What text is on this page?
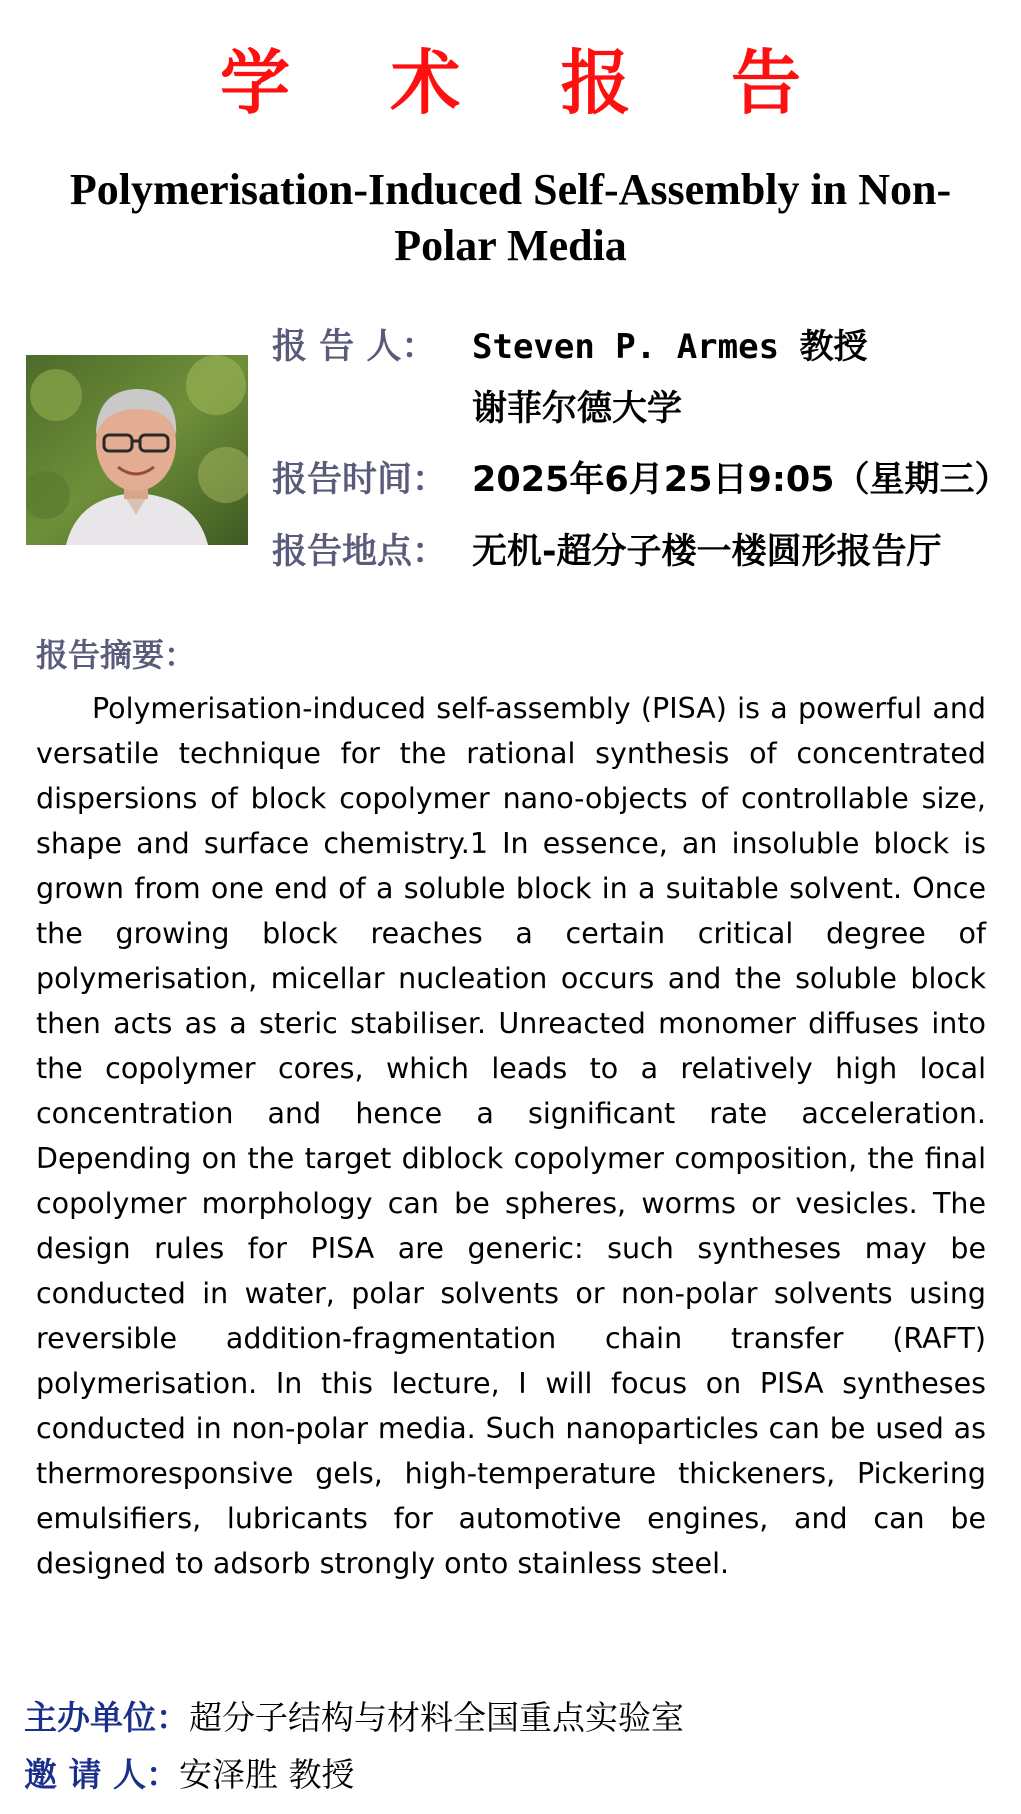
学 术 报 告
Polymerisation-Induced Self-Assembly in Non-Polar Media
报 告 人： Steven P. Armes 教授
谢菲尔德大学
报告时间： 2025年6月25日9:05（星期三）
报告地点： 无机-超分子楼一楼圆形报告厅
报告摘要：

Polymerisation-induced self-assembly (PISA) is a powerful and versatile technique for the rational synthesis of concentrated dispersions of block copolymer nano-objects of controllable size, shape and surface chemistry.1 In essence, an insoluble block is grown from one end of a soluble block in a suitable solvent. Once the growing block reaches a certain critical degree of polymerisation, micellar nucleation occurs and the soluble block then acts as a steric stabiliser. Unreacted monomer diffuses into the copolymer cores, which leads to a relatively high local concentration and hence a significant rate acceleration. Depending on the target diblock copolymer composition, the final copolymer morphology can be spheres, worms or vesicles. The design rules for PISA are generic: such syntheses may be conducted in water, polar solvents or non-polar solvents using reversible addition-fragmentation chain transfer (RAFT) polymerisation. In this lecture, I will focus on PISA syntheses conducted in non-polar media. Such nanoparticles can be used as thermoresponsive gels, high-temperature thickeners, Pickering emulsifiers, lubricants for automotive engines, and can be designed to adsorb strongly onto stainless steel.

主办单位：超分子结构与材料全国重点实验室
邀 请 人：安泽胜 教授
